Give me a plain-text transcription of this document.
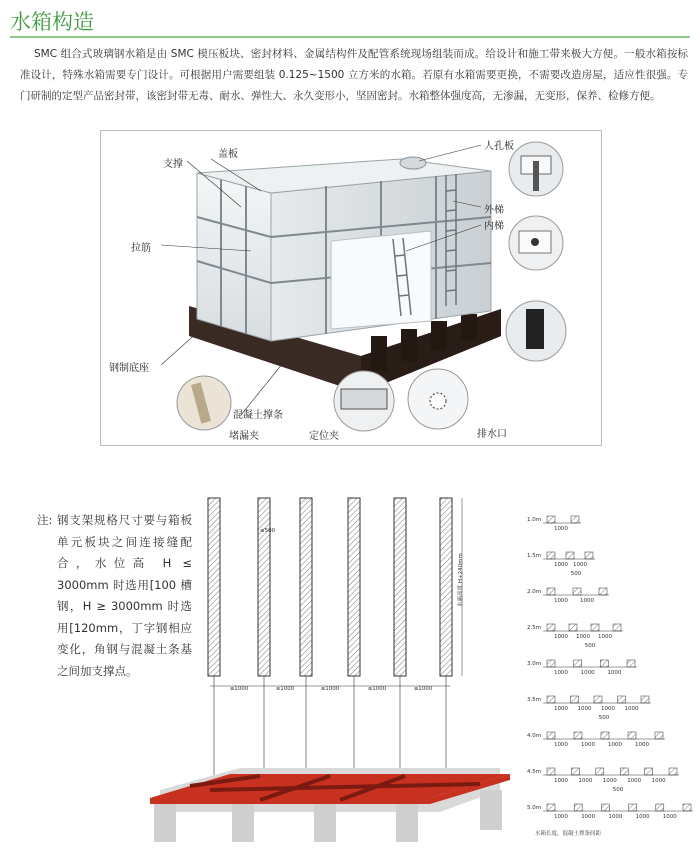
水箱构造
SMC 组合式玻璃钢水箱是由 SMC 模压板块、密封材料、金属结构件及配管系统现场组装而成。给设计和施工带来极大方便。一般水箱按标准设计，特殊水箱需要专门设计。可根据用户需要组装 0.125~1500 立方米的水箱。若原有水箱需要更换，不需要改造房屋，适应性很强。专门研制的定型产品密封带，该密封带无毒、耐水、弹性大、永久变形小，坚固密封。水箱整体强度高，无渗漏，无变形，保养、检修方便。
盖板
支撑
人孔板
外梯
内梯
拉筋
钢制底座
混凝土撑条
堵漏夹	定位夹	排水口
注: 钢支架规格尺寸要与箱板单元板块之间连接缝配合，水位高 H ≤ 3000mm 时选用[100 槽钢，H ≥ 3000mm 时选用[120mm，丁字钢相应变化，角钢与混凝土条基之间加支撑点。
≤1000	≤1000	≤1000	≤1000	≤1000
≤500
水箱高度 H+240mm
1.0m
1000
1.5m
1000 1000
500
2.0m
1000 1000
2.5m
1000 1000 1000
500
3.0m
1000 1000 1000
3.5m
1000 1000 1000 1000
500
4.0m
1000 1000 1000 1000
4.5m
1000 1000 1000 1000 1000
500
5.0m
1000 1000 1000 1000 1000
水箱长度，混凝土撑条间距
